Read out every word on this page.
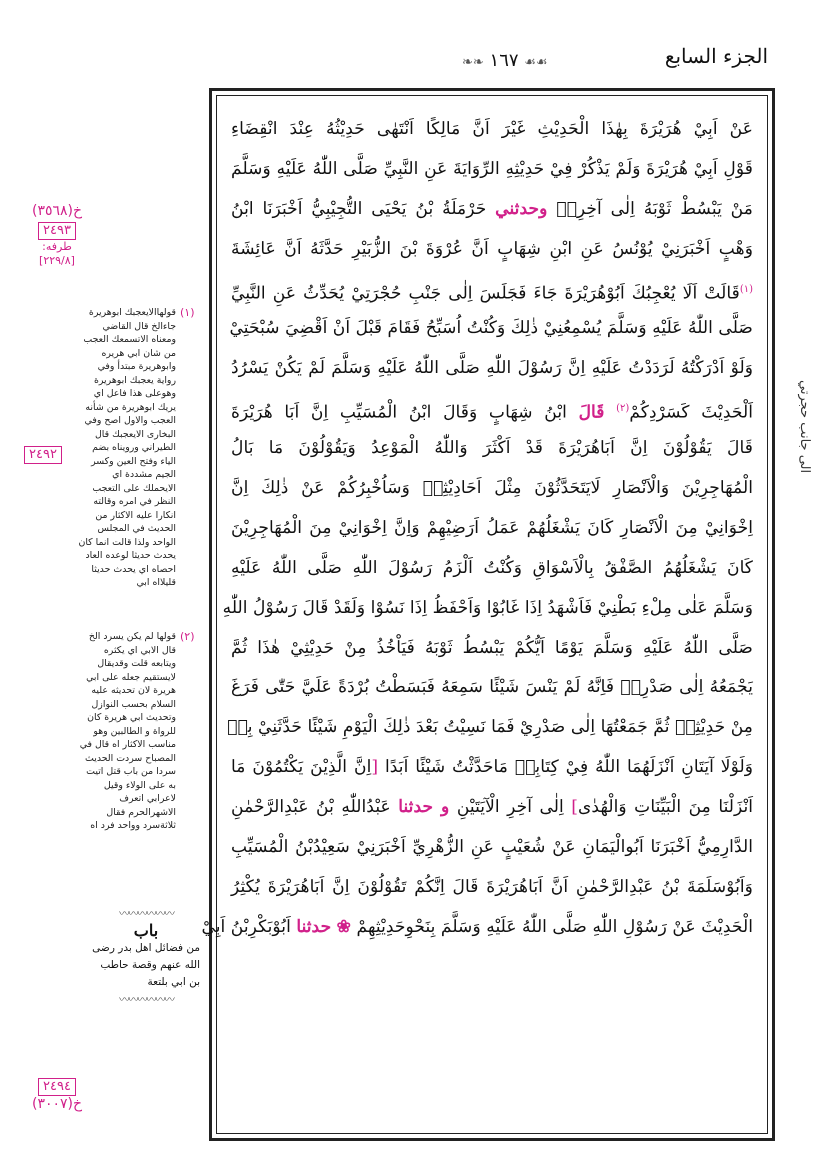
❧❧ ١٦٧ ☙☙	الجزء السابع
عَنْ اَبِيْ هُرَيْرَةَ بِهٰذَا الْحَدِيْثِ غَيْرَ اَنَّ مَالِكًا اَنْتَهٰى حَدِيْثُهُ عِنْدَ انْقِضَاءِ
قَوْلِ اَبِيْ هُرَيْرَةَ وَلَمْ يَذْكُرْ فِيْ حَدِيْثِهِ الرِّوَايَةَ عَنِ النَّبِيِّ صَلَّى اللّٰهُ عَلَيْهِ وَسَلَّمَ
مَنْ يَبْسُطْ ثَوْبَهُ اِلٰى آخِرِهٖ وحدثني حَرْمَلَةُ بْنُ يَحْيَى التُّجِيْبِيُّ اَخْبَرَنَا ابْنُ
وَهْبٍ اَخْبَرَنِيْ يُوْنُسُ عَنِ ابْنِ شِهَابٍ اَنَّ عُرْوَةَ بْنَ الزُّبَيْرِ حَدَّثَهُ اَنَّ عَائِشَةَ
$^{(١)}$قَالَتْ اَلَا يُعْجِبُكَ اَبُوْهُرَيْرَةَ جَاءَ فَجَلَسَ اِلٰى جَنْبِ حُجْرَتِيْ يُحَدِّثُ عَنِ النَّبِيِّ
صَلَّى اللّٰهُ عَلَيْهِ وَسَلَّمَ يُسْمِعُنِيْ ذٰلِكَ وَكُنْتُ اُسَبِّحُ فَقَامَ قَبْلَ اَنْ اَقْضِيَ سُبْحَتِيْ
وَلَوْ اَدْرَكْتُهُ لَرَدَدْتُ عَلَيْهِ اِنَّ رَسُوْلَ اللّٰهِ صَلَّى اللّٰهُ عَلَيْهِ وَسَلَّمَ لَمْ يَكُنْ يَسْرُدُ
اَلْحَدِيْثَ كَسَرْدِكُمْ$^{(٢)}$ قَالَ ابْنُ شِهَابٍ وَقَالَ ابْنُ الْمُسَيِّبِ اِنَّ اَبَا هُرَيْرَةَ
قَالَ يَقُوْلُوْنَ اِنَّ اَبَاهُرَيْرَةَ قَدْ اَكْثَرَ وَاللّٰهُ الْمَوْعِدُ وَيَقُوْلُوْنَ مَا بَالُ
الْمُهَاجِرِيْنَ وَالْاَنْصَارِ لَايَتَحَدَّثُوْنَ مِثْلَ اَحَادِيْثِهٖ وَسَاُخْبِرُكُمْ عَنْ ذٰلِكَ اِنَّ
اِخْوَانِيْ مِنَ الْاَنْصَارِ كَانَ يَشْغَلُهُمْ عَمَلُ اَرَضِيْهِمْ وَاِنَّ اِخْوَانِيْ مِنَ الْمُهَاجِرِيْنَ
كَانَ يَشْغَلُهُمُ الصَّفْقُ بِالْاَسْوَاقِ وَكُنْتُ اَلْزَمُ رَسُوْلَ اللّٰهِ صَلَّى اللّٰهُ عَلَيْهِ
وَسَلَّمَ عَلٰى مِلْءِ بَطْنِيْ فَاَشْهَدُ اِذَا غَابُوْا وَاَحْفَظُ اِذَا نَسُوْا وَلَقَدْ قَالَ رَسُوْلُ اللّٰهِ
صَلَّى اللّٰهُ عَلَيْهِ وَسَلَّمَ يَوْمًا اَيُّكُمْ يَبْسُطُ ثَوْبَهُ فَيَاْخُذُ مِنْ حَدِيْثِيْ هٰذَا ثُمَّ
يَجْمَعُهُ اِلٰى صَدْرِهٖ فَاِنَّهُ لَمْ يَنْسَ شَيْئًا سَمِعَهُ فَبَسَطْتُ بُرْدَةً عَلَيَّ حَتّٰى فَرَغَ
مِنْ حَدِيْثِهٖ ثُمَّ جَمَعْتُهَا اِلٰى صَدْرِيْ فَمَا نَسِيْتُ بَعْدَ ذٰلِكَ الْيَوْمِ شَيْئًا حَدَّثَنِيْ بِهٖ
وَلَوْلَا آيَتَانِ اَنْزَلَهُمَا اللّٰهُ فِيْ كِتَابِهٖ مَاحَدَّثْتُ شَيْئًا اَبَدًا [اِنَّ الَّذِيْنَ يَكْتُمُوْنَ مَا
اَنْزَلْنَا مِنَ الْبَيِّنَاتِ وَالْهُدٰى] اِلٰى آخِرِ الْآيَتَيْنِ و حدثنا عَبْدُاللّٰهِ بْنُ عَبْدِالرَّحْمٰنِ
الدَّارِمِيُّ اَخْبَرَنَا اَبُوالْيَمَانِ عَنْ شُعَيْبٍ عَنِ الزُّهْرِيِّ اَخْبَرَنِيْ سَعِيْدُبْنُ الْمُسَيِّبِ
وَاَبُوْسَلَمَةَ بْنُ عَبْدِالرَّحْمٰنِ اَنَّ اَبَاهُرَيْرَةَ قَالَ اِنَّكُمْ تَقُوْلُوْنَ اِنَّ اَبَاهُرَيْرَةَ يُكْثِرُ
الْحَدِيْثَ عَنْ رَسُوْلِ اللّٰهِ صَلَّى اللّٰهُ عَلَيْهِ وَسَلَّمَ بِنَحْوِحَدِيْثِهِمْ ❀ حدثنا اَبُوْبَكْرِبْنُ اَبِيْ
خ(٣٥٦٨)
٢٤٩٣
طرفه:
[٢٢٩/٨]
(١)
قولهاالايعجبك ابوهريرة جاءالخ قال القاضي ومعناه الاتسمعك العجب من شان ابي هريره وابوهريرة مبتدأ وفي رواية يعجبك ابوهريرة وهوعلى هذا فاعل اي يريك ابوهريرة من شأنه العجب والاول اصح وفي البخارى الايعجبك قال الطيراني ورويناه بضم الياء وفتح العين وكسر الجيم مشددة اي الايحملك على التعجب النظر في امره وقالته انكارا عليه الاكثار من الحديث في المجلس الواحد ولذا قالت انما كان يحدث حديثا لوعده العاد احصاه اي يحدث حديثا قليلااه ابي
٢٤٩٢
(٢)
قولها لم يكن يسرد الخ قال الابي اي يكثره ويتابعه قلت وقديقال لايستقيم جعله على ابي هريرة لان تحديثه عليه السلام بحسب النوازل وتحديث ابي هريرة كان للرواة و الطالبين وهو مناسب الاكثار اه قال في المصباح سردت الحديث سردا من باب قتل اتيت به على الولاء وقيل لاعرابي اتعرف الاشهرالحرم فقال ثلاثةسرد وواحد فرد اه
〰〰〰〰〰〰
باب
من فضائل اهل بدر رضى الله عنهم وقصة حاطب بن ابي بلتعة
〰〰〰〰〰〰
٢٤٩٤
خ(٣٠٠٧)
الى جانب حجرتي
